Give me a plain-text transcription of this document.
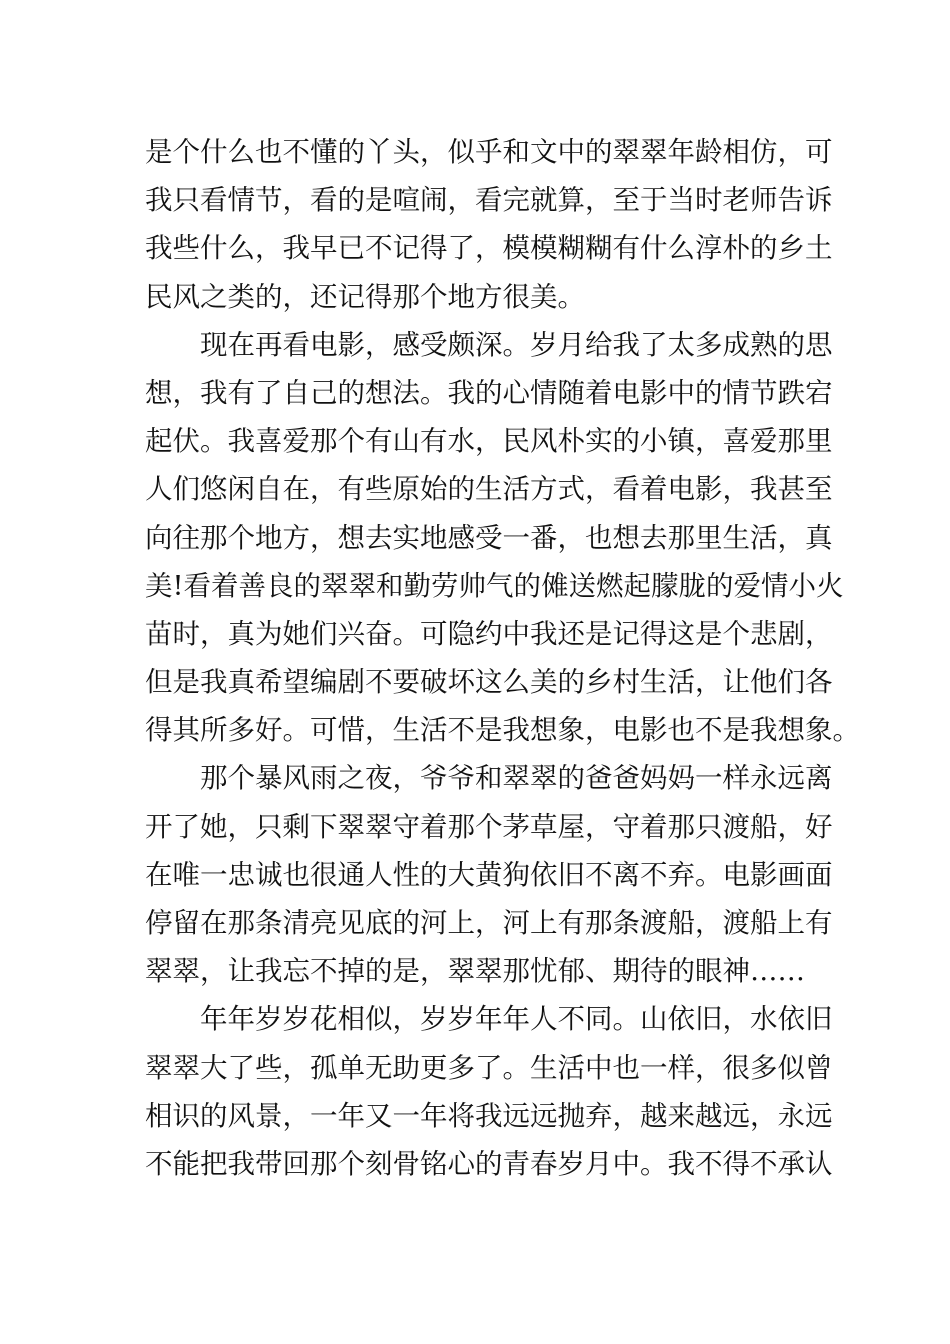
是个什么也不懂的丫头，似乎和文中的翠翠年龄相仿，可
我只看情节，看的是喧闹，看完就算，至于当时老师告诉
我些什么，我早已不记得了，模模糊糊有什么淳朴的乡土
民风之类的，还记得那个地方很美。
现在再看电影，感受颇深。岁月给我了太多成熟的思
想，我有了自己的想法。我的心情随着电影中的情节跌宕
起伏。我喜爱那个有山有水，民风朴实的小镇，喜爱那里
人们悠闲自在，有些原始的生活方式，看着电影，我甚至
向往那个地方，想去实地感受一番，也想去那里生活，真
美!看着善良的翠翠和勤劳帅气的傩送燃起朦胧的爱情小火
苗时，真为她们兴奋。可隐约中我还是记得这是个悲剧，
但是我真希望编剧不要破坏这么美的乡村生活，让他们各
得其所多好。可惜，生活不是我想象，电影也不是我想象。
那个暴风雨之夜，爷爷和翠翠的爸爸妈妈一样永远离
开了她，只剩下翠翠守着那个茅草屋，守着那只渡船，好
在唯一忠诚也很通人性的大黄狗依旧不离不弃。电影画面
停留在那条清亮见底的河上，河上有那条渡船，渡船上有
翠翠，让我忘不掉的是，翠翠那忧郁、期待的眼神……
年年岁岁花相似，岁岁年年人不同。山依旧，水依旧
翠翠大了些，孤单无助更多了。生活中也一样，很多似曾
相识的风景，一年又一年将我远远抛弃，越来越远，永远
不能把我带回那个刻骨铭心的青春岁月中。我不得不承认
